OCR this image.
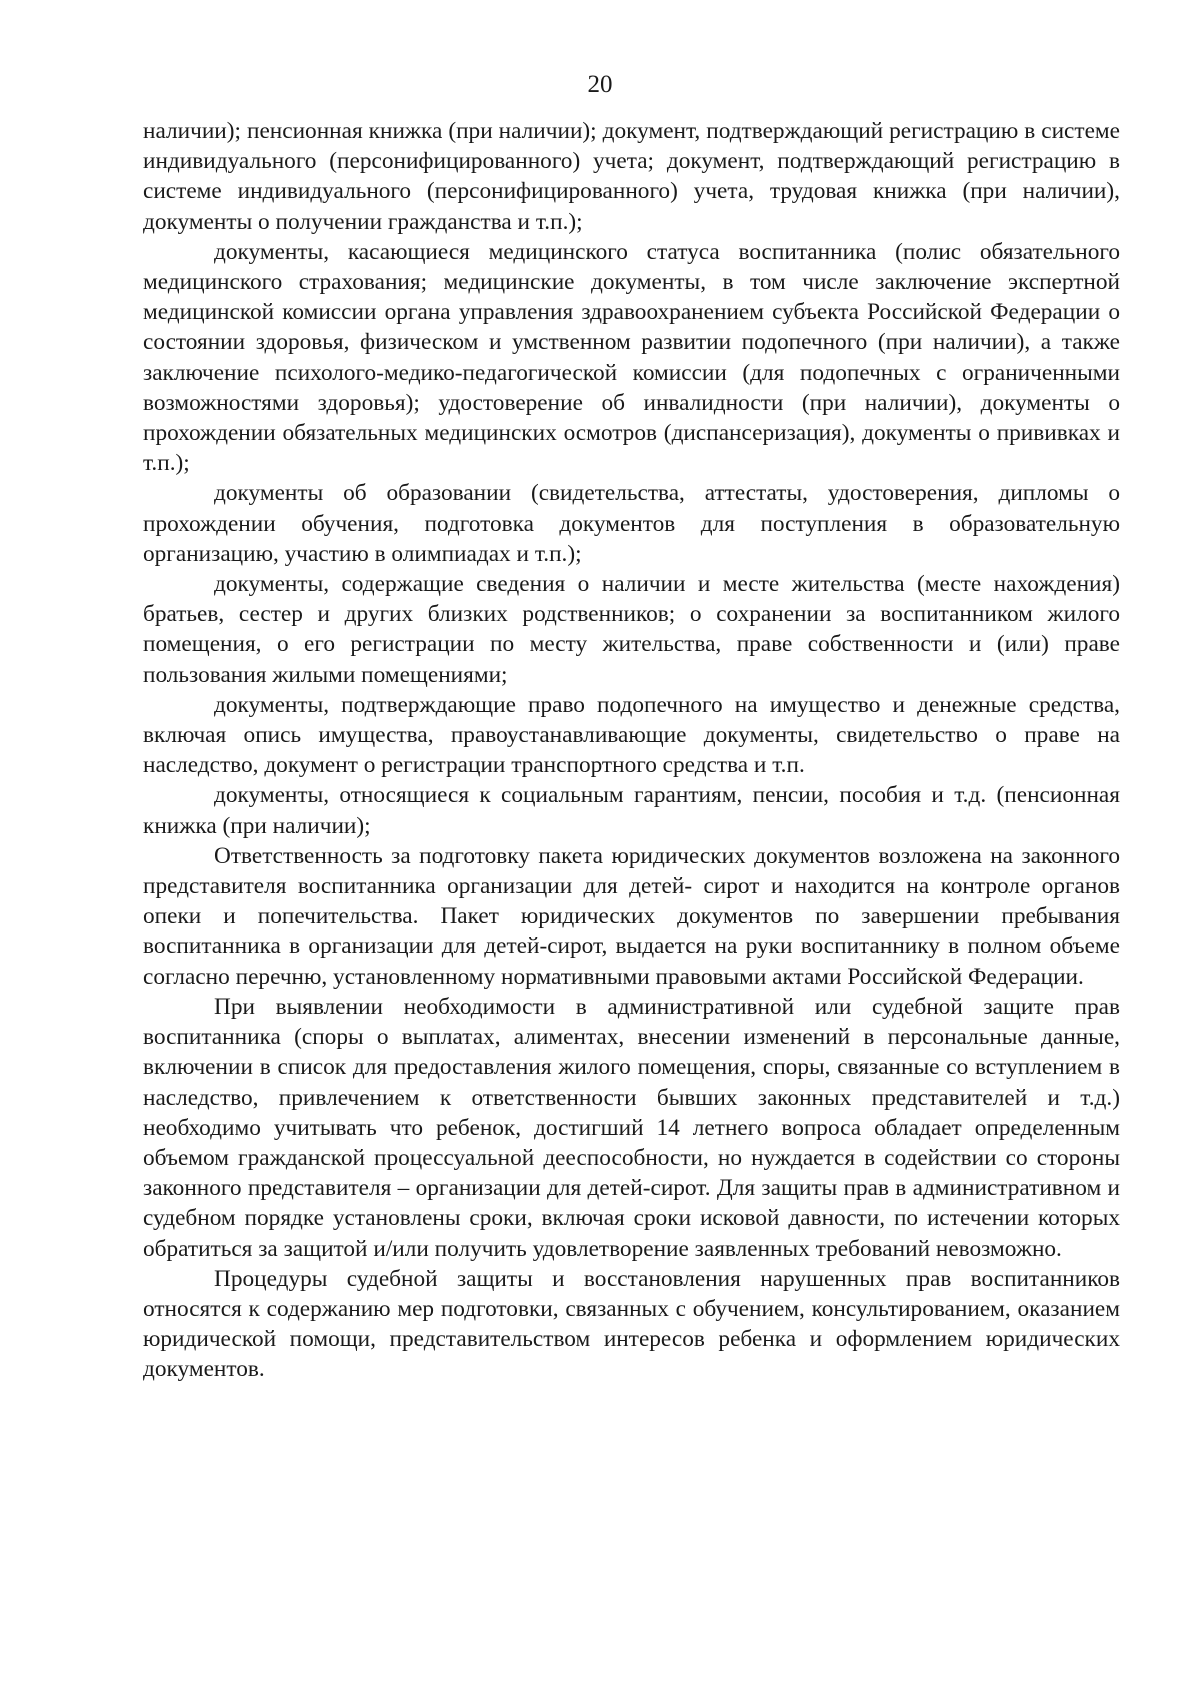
20

наличии); пенсионная книжка (при наличии); документ, подтверждающий регистрацию в системе индивидуального (персонифицированного) учета; документ, подтверждающий регистрацию в системе индивидуального (персонифицированного) учета, трудовая книжка (при наличии), документы о получении гражданства и т.п.);

документы, касающиеся медицинского статуса воспитанника (полис обязательного медицинского страхования; медицинские документы, в том числе заключение экспертной медицинской комиссии органа управления здравоохранением субъекта Российской Федерации о состоянии здоровья, физическом и умственном развитии подопечного (при наличии), а также заключение психолого-медико-педагогической комиссии (для подопечных с ограниченными возможностями здоровья); удостоверение об инвалидности (при наличии), документы о прохождении обязательных медицинских осмотров (диспансеризация), документы о прививках и т.п.);

документы об образовании (свидетельства, аттестаты, удостоверения, дипломы о прохождении обучения, подготовка документов для поступления в образовательную организацию, участию в олимпиадах и т.п.);

документы, содержащие сведения о наличии и месте жительства (месте нахождения) братьев, сестер и других близких родственников; о сохранении за воспитанником жилого помещения, о его регистрации по месту жительства, праве собственности и (или) праве пользования жилыми помещениями;

документы, подтверждающие право подопечного на имущество и денежные средства, включая опись имущества, правоустанавливающие документы, свидетельство о праве на наследство, документ о регистрации транспортного средства и т.п.

документы, относящиеся к социальным гарантиям, пенсии, пособия и т.д. (пенсионная книжка (при наличии);

Ответственность за подготовку пакета юридических документов возложена на законного представителя воспитанника организации для детей- сирот и находится на контроле органов опеки и попечительства. Пакет юридических документов по завершении пребывания воспитанника в организации для детей-сирот, выдается на руки воспитаннику в полном объеме согласно перечню, установленному нормативными правовыми актами Российской Федерации.

При выявлении необходимости в административной или судебной защите прав воспитанника (споры о выплатах, алиментах, внесении изменений в персональные данные, включении в список для предоставления жилого помещения, споры, связанные со вступлением в наследство, привлечением к ответственности бывших законных представителей и т.д.) необходимо учитывать что ребенок, достигший 14 летнего вопроса обладает определенным объемом гражданской процессуальной дееспособности, но нуждается в содействии со стороны законного представителя – организации для детей-сирот. Для защиты прав в административном и судебном порядке установлены сроки, включая сроки исковой давности, по истечении которых обратиться за защитой и/или получить удовлетворение заявленных требований невозможно.

Процедуры судебной защиты и восстановления нарушенных прав воспитанников относятся к содержанию мер подготовки, связанных с обучением, консультированием, оказанием юридической помощи, представительством интересов ребенка и оформлением юридических документов.
